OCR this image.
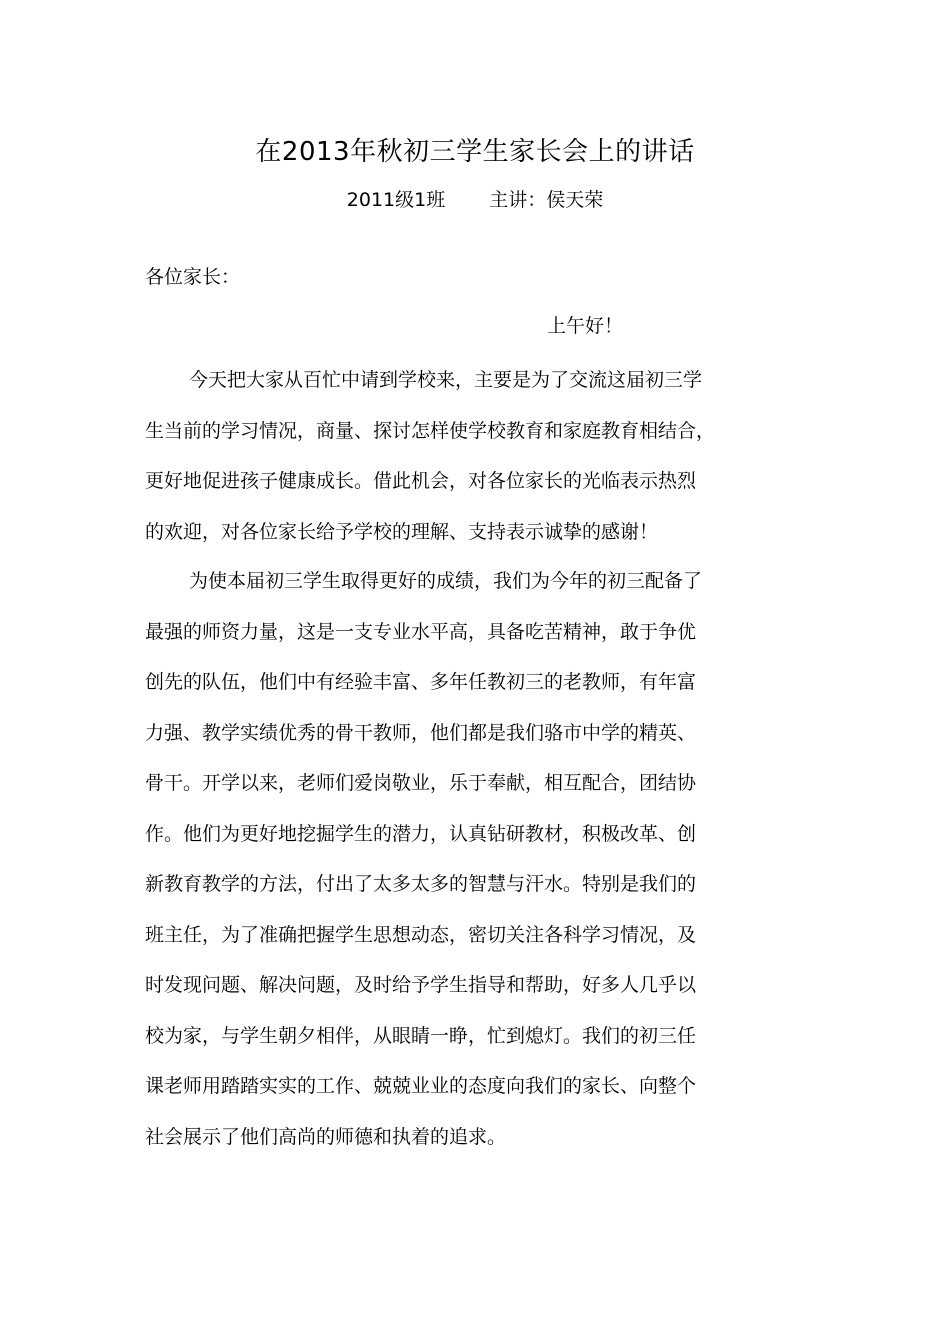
在2013年秋初三学生家长会上的讲话
2011级1班 主讲：侯天荣
各位家长：
上午好！
今天把大家从百忙中请到学校来，主要是为了交流这届初三学
生当前的学习情况，商量、探讨怎样使学校教育和家庭教育相结合，
更好地促进孩子健康成长。借此机会，对各位家长的光临表示热烈
的欢迎，对各位家长给予学校的理解、支持表示诚挚的感谢！
为使本届初三学生取得更好的成绩，我们为今年的初三配备了
最强的师资力量，这是一支专业水平高，具备吃苦精神，敢于争优
创先的队伍，他们中有经验丰富、多年任教初三的老教师，有年富
力强、教学实绩优秀的骨干教师，他们都是我们骆市中学的精英、
骨干。开学以来，老师们爱岗敬业，乐于奉献，相互配合，团结协
作。他们为更好地挖掘学生的潜力，认真钻研教材，积极改革、创
新教育教学的方法，付出了太多太多的智慧与汗水。特别是我们的
班主任，为了准确把握学生思想动态，密切关注各科学习情况，及
时发现问题、解决问题，及时给予学生指导和帮助，好多人几乎以
校为家，与学生朝夕相伴，从眼睛一睁，忙到熄灯。我们的初三任
课老师用踏踏实实的工作、兢兢业业的态度向我们的家长、向整个
社会展示了他们高尚的师德和执着的追求。
